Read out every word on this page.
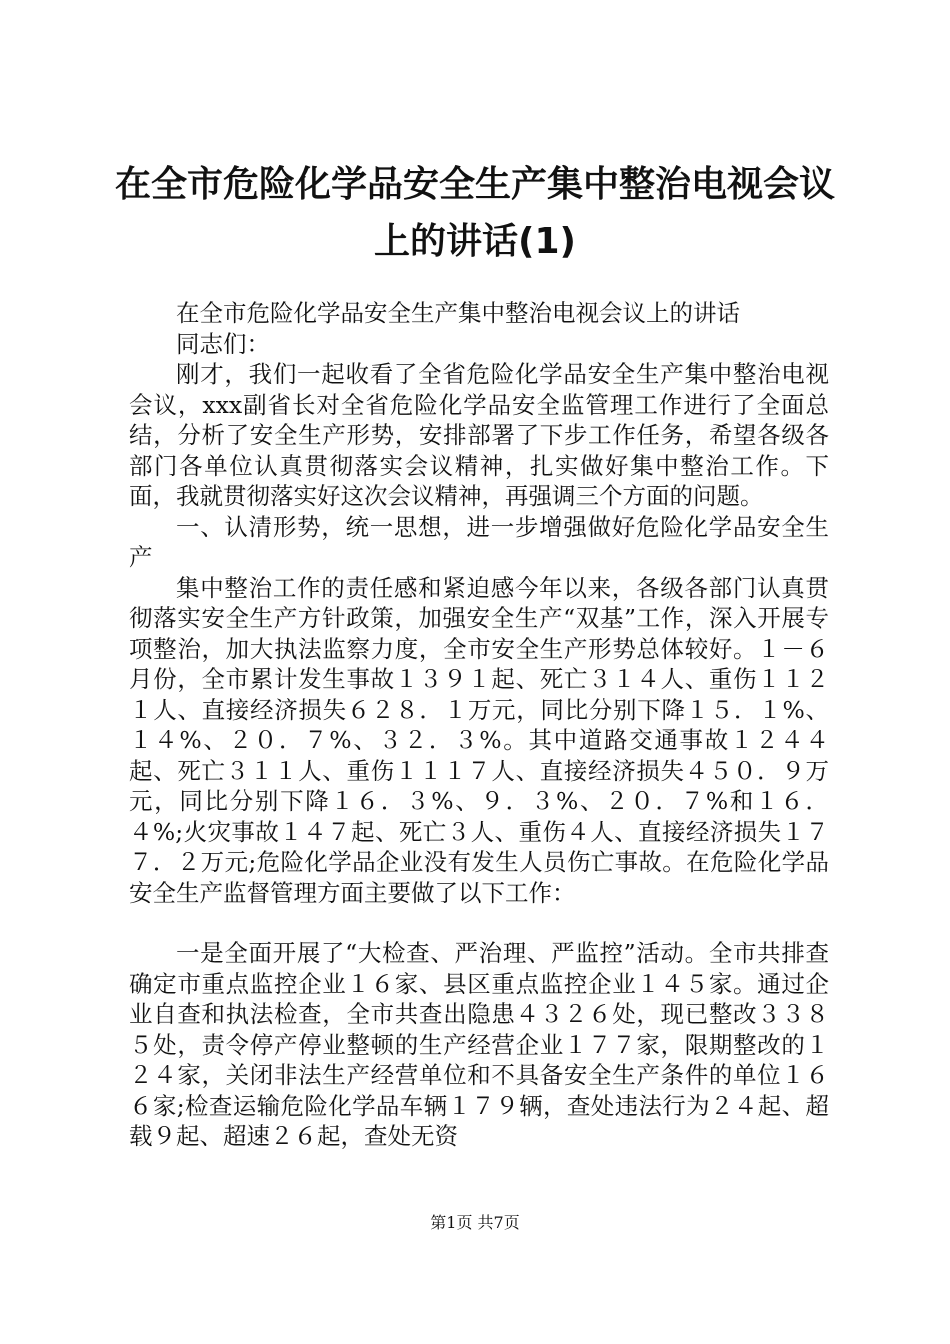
在全市危险化学品安全生产集中整治电视会议
上的讲话(1)

在全市危险化学品安全生产集中整治电视会议上的讲话

同志们：

刚才，我们一起收看了全省危险化学品安全生产集中整治电视会议，xxx副省长对全省危险化学品安全监管理工作进行了全面总结，分析了安全生产形势，安排部署了下步工作任务，希望各级各部门各单位认真贯彻落实会议精神，扎实做好集中整治工作。下面，我就贯彻落实好这次会议精神，再强调三个方面的问题。

一、认清形势，统一思想，进一步增强做好危险化学品安全生产

集中整治工作的责任感和紧迫感今年以来，各级各部门认真贯彻落实安全生产方针政策，加强安全生产“双基”工作，深入开展专项整治，加大执法监察力度，全市安全生产形势总体较好。１－６月份，全市累计发生事故１３９１起、死亡３１４人、重伤１１２１人、直接经济损失６２８．１万元，同比分别下降１５．１%、１４%、２０．７%、３２．３%。其中道路交通事故１２４４起、死亡３１１人、重伤１１１７人、直接经济损失４５０．９万元，同比分别下降１６．３%、９．３%、２０．７%和１６．４%;火灾事故１４７起、死亡３人、重伤４人、直接经济损失１７７．２万元;危险化学品企业没有发生人员伤亡事故。在危险化学品安全生产监督管理方面主要做了以下工作：

一是全面开展了“大检查、严治理、严监控”活动。全市共排查确定市重点监控企业１６家、县区重点监控企业１４５家。通过企业自查和执法检查，全市共查出隐患４３２６处，现已整改３３８５处，责令停产停业整顿的生产经营企业１７７家，限期整改的１２４家，关闭非法生产经营单位和不具备安全生产条件的单位１６６家;检查运输危险化学品车辆１７９辆，查处违法行为２４起、超载９起、超速２６起，查处无资

第1页 共7页
